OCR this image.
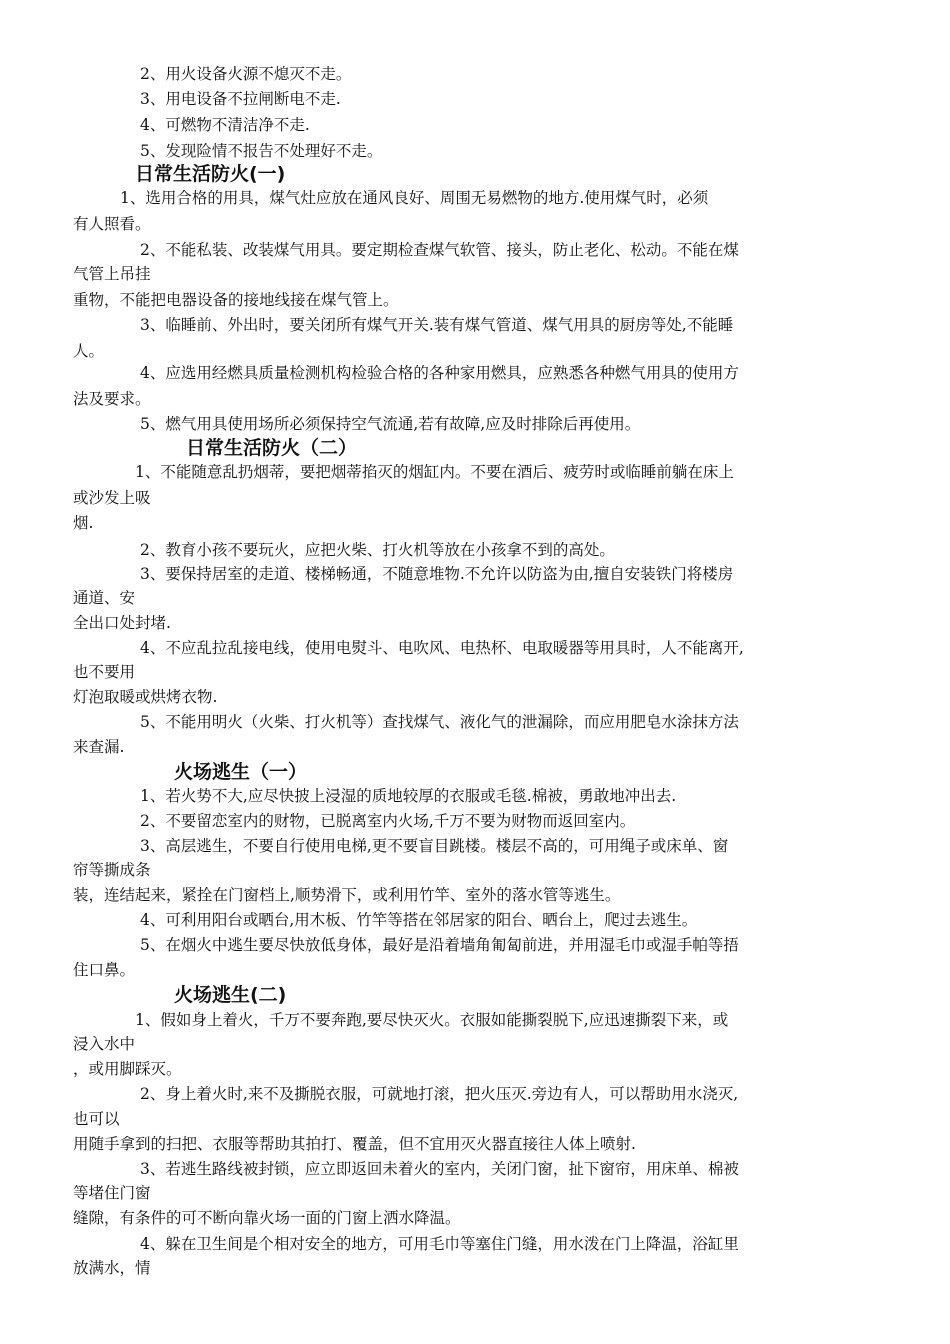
2、用火设备火源不熄灭不走。

3、用电设备不拉闸断电不走.

4、可燃物不清洁净不走.

5、发现险情不报告不处理好不走。

日常生活防火(一)

1、选用合格的用具，煤气灶应放在通风良好、周围无易燃物的地方.使用煤气时，必须

有人照看。

2、不能私装、改装煤气用具。要定期检查煤气软管、接头，防止老化、松动。不能在煤

气管上吊挂

重物，不能把电器设备的接地线接在煤气管上。

3、临睡前、外出时，要关闭所有煤气开关.装有煤气管道、煤气用具的厨房等处,不能睡

人。

4、应选用经燃具质量检测机构检验合格的各种家用燃具，应熟悉各种燃气用具的使用方

法及要求。

5、燃气用具使用场所必须保持空气流通,若有故障,应及时排除后再使用。

日常生活防火（二）

1、不能随意乱扔烟蒂，要把烟蒂掐灭的烟缸内。不要在酒后、疲劳时或临睡前躺在床上

或沙发上吸

烟.

2、教育小孩不要玩火，应把火柴、打火机等放在小孩拿不到的高处。

3、要保持居室的走道、楼梯畅通，不随意堆物.不允许以防盗为由,擅自安装铁门将楼房

通道、安

全出口处封堵.

4、不应乱拉乱接电线，使用电熨斗、电吹风、电热杯、电取暖器等用具时，人不能离开,

也不要用

灯泡取暖或烘烤衣物.

5、不能用明火（火柴、打火机等）查找煤气、液化气的泄漏除，而应用肥皂水涂抹方法

来查漏.

火场逃生（一）

1、若火势不大,应尽快披上浸湿的质地较厚的衣服或毛毯.棉被，勇敢地冲出去.

2、不要留恋室内的财物，已脱离室内火场,千万不要为财物而返回室内。

3、高层逃生，不要自行使用电梯,更不要盲目跳楼。楼层不高的，可用绳子或床单、窗

帘等撕成条

装，连结起来，紧拴在门窗档上,顺势滑下，或利用竹竿、室外的落水管等逃生。

4、可利用阳台或晒台,用木板、竹竿等搭在邻居家的阳台、晒台上，爬过去逃生。

5、在烟火中逃生要尽快放低身体，最好是沿着墙角匍匐前进，并用湿毛巾或湿手帕等捂

住口鼻。

火场逃生(二)

1、假如身上着火，千万不要奔跑,要尽快灭火。衣服如能撕裂脱下,应迅速撕裂下来，或

浸入水中

，或用脚踩灭。

2、身上着火时,来不及撕脱衣服，可就地打滚，把火压灭.旁边有人，可以帮助用水浇灭,

也可以

用随手拿到的扫把、衣服等帮助其拍打、覆盖，但不宜用灭火器直接往人体上喷射.

3、若逃生路线被封锁，应立即返回未着火的室内，关闭门窗，扯下窗帘，用床单、棉被

等堵住门窗

缝隙，有条件的可不断向靠火场一面的门窗上洒水降温。

4、躲在卫生间是个相对安全的地方，可用毛巾等塞住门缝，用水泼在门上降温，浴缸里

放满水，情
